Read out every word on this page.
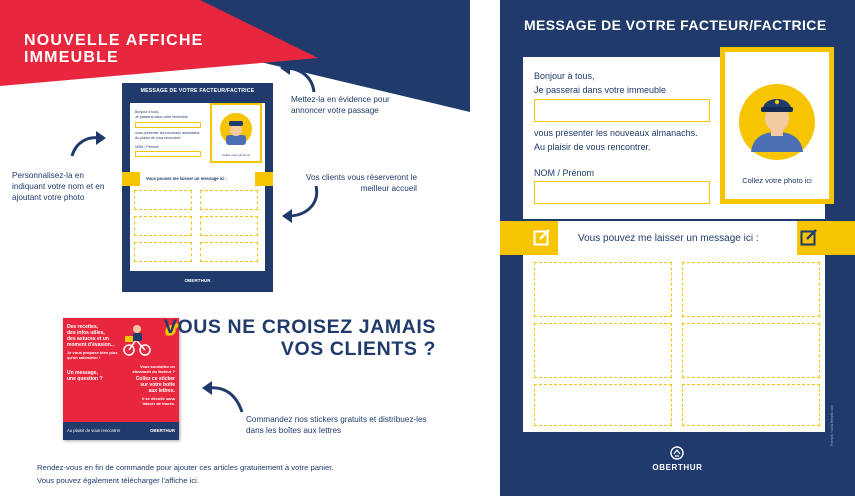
NOUVELLE AFFICHE IMMEUBLE
MESSAGE DE VOTRE FACTEUR/FACTRICE
Bonjour à tous,
Je passerai dans votre immeuble
vous présenter les nouveaux almanachs.
Au plaisir de vous rencontrer.
NOM / Prénom
Collez votre photo ici
Vous pouvez me laisser un message ici :
OBERTHUR
Mettez-la en évidence pour annoncer votre passage
Personnalisez-la en indiquant votre nom et en ajoutant votre photo
Vos clients vous réserveront le meilleur accueil
Des recettes,
des infos utiles,
des astuces et un
moment d'évasion...
Je vous propose bien plus
qu'un calendrier !
Un message,
une question ?
Vous souhaitez un
almanach du facteur ?
Collez ce sticker
sur votre boîte
aux lettres.
Il se décolle sans
laisser de traces.
Au plaisir de vous rencontrer	OBERTHUR
VOUS NE CROISEZ JAMAIS
VOS CLIENTS ?
Commandez nos stickers gratuits et distribuez-les dans les boîtes aux lettres
Rendez-vous en fin de commande pour ajouter ces articles gratuitement à votre panier.
Vous pouvez également télécharger l'affiche ici.
MESSAGE DE VOTRE FACTEUR/FACTRICE
Bonjour à tous,
Je passerai dans votre immeuble
vous présenter les nouveaux almanachs.
Au plaisir de vous rencontrer.
NOM / Prénom
Collez votre photo ici
Vous pouvez me laisser un message ici :
OBERTHUR
Freepik / www.freepik.com
